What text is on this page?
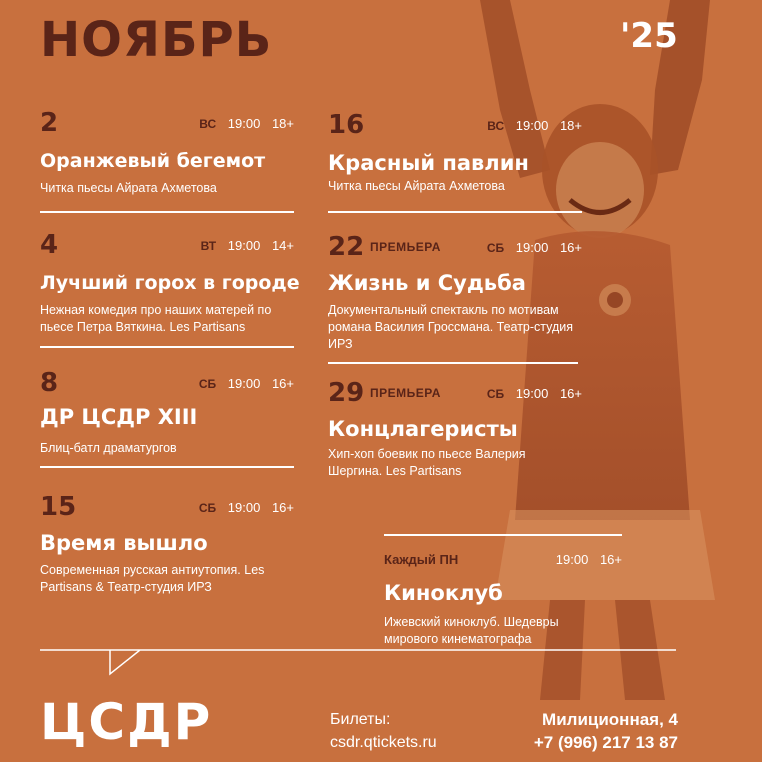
НОЯБРЬ	'25
2	ВС 19:00 18+
Оранжевый бегемот
Читка пьесы Айрата Ахметова
4	ВТ 19:00 14+
Лучший горох в городе
Нежная комедия про наших матерей по пьесе Петра Вяткина. Les Partisans
8	СБ 19:00 16+
ДР ЦСДР XIII
Блиц-батл драматургов
15	СБ 19:00 16+
Время вышло
Современная русская антиутопия. Les Partisans & Театр-студия ИРЗ
16	ВС 19:00 18+
Красный павлин
Читка пьесы Айрата Ахметова
22 ПРЕМЬЕРА	СБ 19:00 16+
Жизнь и Судьба
Документальный спектакль по мотивам романа Василия Гроссмана. Театр-студия ИРЗ
29 ПРЕМЬЕРА	СБ 19:00 16+
Концлагеристы
Хип-хоп боевик по пьесе Валерия Шергина. Les Partisans
Каждый ПН	19:00 16+
Киноклуб
Ижевский киноклуб. Шедевры мирового кинематографа
ЦСДР	Билеты:
csdr.qtickets.ru
Милиционная, 4
+7 (996) 217 13 87
